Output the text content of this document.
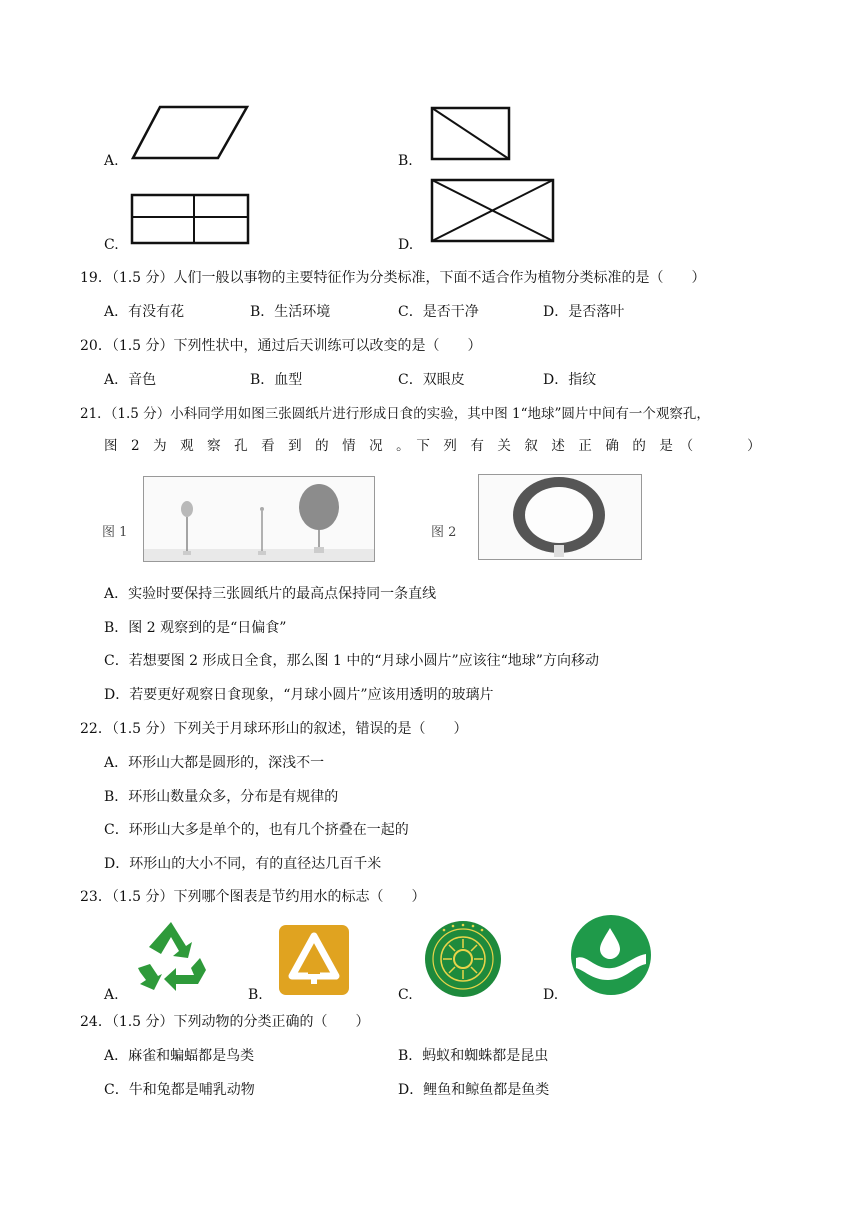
A.	B.
C.	D.
19．（1.5 分）人们一般以事物的主要特征作为分类标准，下面不适合作为植物分类标准的是（　　）
A．有没有花	B．生活环境	C．是否干净	D．是否落叶
20．（1.5 分）下列性状中，通过后天训练可以改变的是（　　）
A．音色	B．血型	C．双眼皮	D．指纹
21．（1.5 分）小科同学用如图三张圆纸片进行形成日食的实验，其中图 1“地球”圆片中间有一个观察孔，
图　2　为　观　察　孔　看　到　的　情　况　。　下　列　有　关　叙　述　正　确　的　是　（　　　　）
图 1	图 2
A．实验时要保持三张圆纸片的最高点保持同一条直线
B．图 2 观察到的是“日偏食”
C．若想要图 2 形成日全食，那么图 1 中的“月球小圆片”应该往“地球”方向移动
D．若要更好观察日食现象，“月球小圆片”应该用透明的玻璃片
22．（1.5 分）下列关于月球环形山的叙述，错误的是（　　）
A．环形山大都是圆形的，深浅不一
B．环形山数量众多，分布是有规律的
C．环形山大多是单个的，也有几个挤叠在一起的
D．环形山的大小不同，有的直径达几百千米
23．（1.5 分）下列哪个图表是节约用水的标志（　　）
A.	B.	C.	D.
24．（1.5 分）下列动物的分类正确的（　　）
A．麻雀和蝙蝠都是鸟类	B．蚂蚁和蜘蛛都是昆虫
C．牛和兔都是哺乳动物	D．鲤鱼和鲸鱼都是鱼类
